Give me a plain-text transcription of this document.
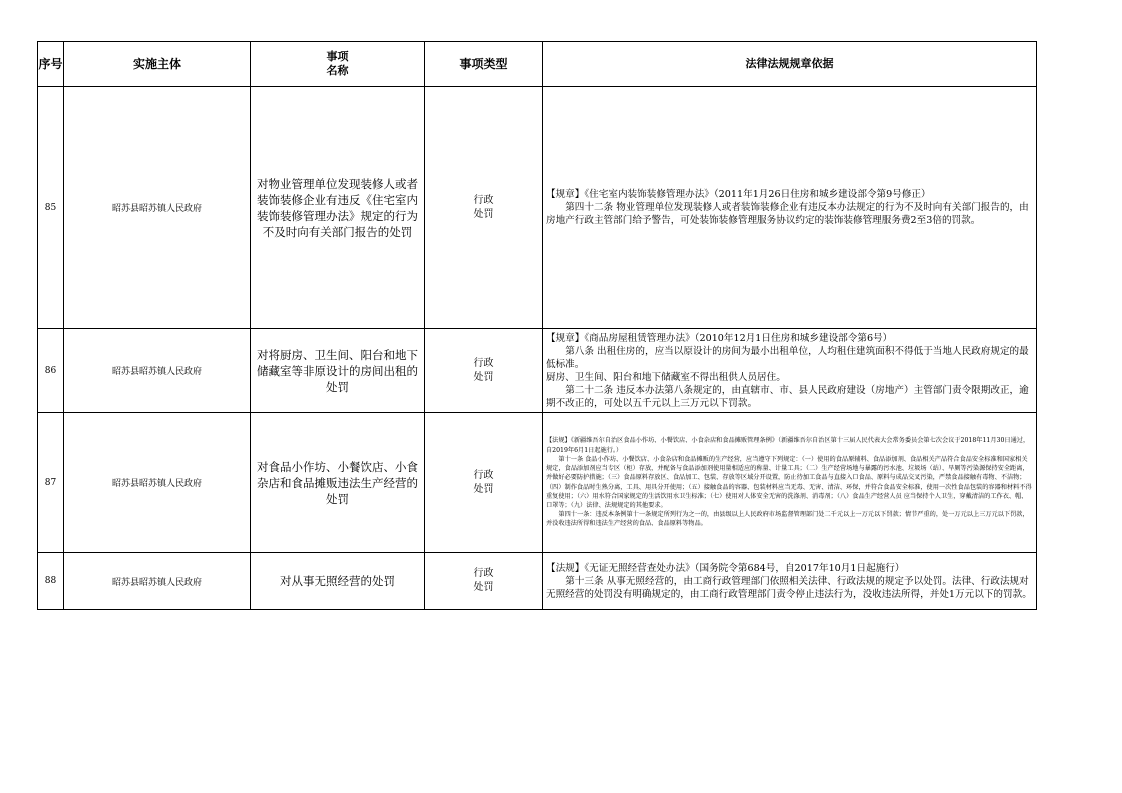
序号	实施主体	事项
名称	事项类型	法律法规规章依据
85	昭苏县昭苏镇人民政府	对物业管理单位发现装修人或者装饰装修企业有违反《住宅室内装饰装修管理办法》规定的行为不及时向有关部门报告的处罚	行政
处罚	【规章】《住宅室内装饰装修管理办法》（2011年1月26日住房和城乡建设部令第9号修正）
第四十二条 物业管理单位发现装修人或者装饰装修企业有违反本办法规定的行为不及时向有关部门报告的，由房地产行政主管部门给予警告，可处装饰装修管理服务协议约定的装饰装修管理服务费2至3倍的罚款。

86	昭苏县昭苏镇人民政府	对将厨房、卫生间、阳台和地下储藏室等非原设计的房间出租的处罚	行政
处罚	【规章】《商品房屋租赁管理办法》（2010年12月1日住房和城乡建设部令第6号）
第八条 出租住房的，应当以原设计的房间为最小出租单位，人均租住建筑面积不得低于当地人民政府规定的最低标准。
厨房、卫生间、阳台和地下储藏室不得出租供人员居住。
第二十二条 违反本办法第八条规定的，由直辖市、市、县人民政府建设（房地产）主管部门责令限期改正，逾期不改正的，可处以五千元以上三万元以下罚款。

87	昭苏县昭苏镇人民政府	对食品小作坊、小餐饮店、小食杂店和食品摊贩违法生产经营的处罚	行政
处罚	【法规】《新疆维吾尔自治区食品小作坊、小餐饮店、小食杂店和食品摊贩管理条例》（新疆维吾尔自治区第十三届人民代表大会常务委员会第七次会议于2018年11月30日通过，自2019年6月1日起施行。）
第十一条 食品小作坊、小餐饮店、小食杂店和食品摊贩的生产经营，应当遵守下列规定：（一）使用的食品原辅料、食品添加剂、食品相关产品符合食品安全标准和国家相关规定，食品添加剂应当专区（柜）存放，并配备与食品添加剂使用量相适应的称量、计量工具；（二）生产经营场地与暴露的污水池、垃圾场（站）、旱厕等污染源保持安全距离，并做好必要防护措施；（三）食品原料存放区、食品加工、包装、存放等区域分开设置，防止待加工食品与直接入口食品、原料与成品交叉污染，严禁食品接触有毒物、不洁物；（四）制作食品时生熟分离，工具、用具分开使用；（五）接触食品的容器、包装材料应当无毒、无害、清洁、环保，并符合食品安全标准，使用一次性食品包装的容器和材料不得重复使用；（六）用水符合国家规定的生活饮用水卫生标准；（七）使用对人体安全无害的洗涤剂、消毒剂；（八）食品生产经营人员 应当保持个人卫生，穿戴清洁的工作衣、帽、口罩等；（九）法律、法规规定的其他要求。
第四十一条：违反本条例第十一条规定所列行为之一的，由县级以上人民政府市场监督管理部门处二千元以上一万元以下罚款；情节严重的，处一万元以上三万元以下罚款，并没收违法所得和违法生产经营的食品、食品原料等物品。

88	昭苏县昭苏镇人民政府	对从事无照经营的处罚	行政
处罚	【法规】《无证无照经营查处办法》（国务院令第684号，自2017年10月1日起施行）
第十三条 从事无照经营的，由工商行政管理部门依照相关法律、行政法规的规定予以处罚。法律、行政法规对无照经营的处罚没有明确规定的，由工商行政管理部门责令停止违法行为，没收违法所得，并处1万元以下的罚款。
